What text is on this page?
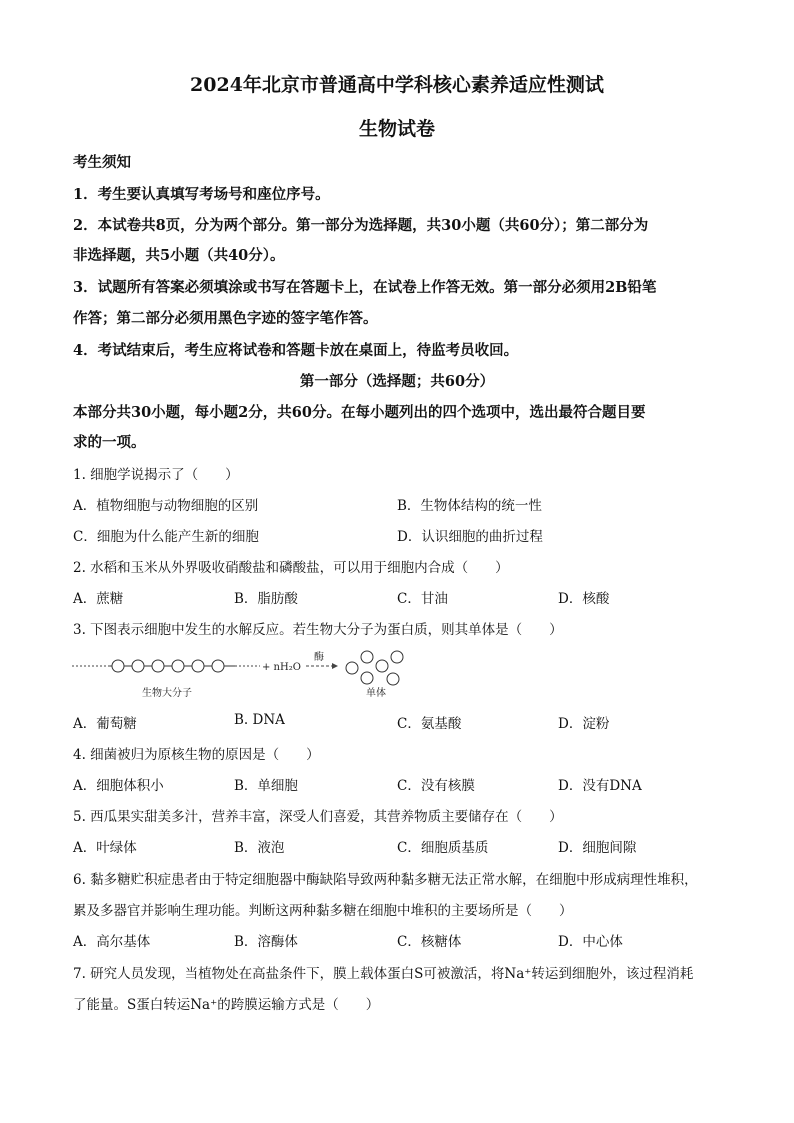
2024年北京市普通高中学科核心素养适应性测试
生物试卷
考生须知
1．考生要认真填写考场号和座位序号。
2．本试卷共8页，分为两个部分。第一部分为选择题，共30小题（共60分）；第二部分为
非选择题，共5小题（共40分）。
3．试题所有答案必须填涂或书写在答题卡上，在试卷上作答无效。第一部分必须用2B铅笔
作答；第二部分必须用黑色字迹的签字笔作答。
4．考试结束后，考生应将试卷和答题卡放在桌面上，待监考员收回。
第一部分（选择题；共60分）
本部分共30小题，每小题2分，共60分。在每小题列出的四个选项中，选出最符合题目要
求的一项。
1. 细胞学说揭示了（　　）
A．植物细胞与动物细胞的区别	B．生物体结构的统一性
C．细胞为什么能产生新的细胞	D．认识细胞的曲折过程
2. 水稻和玉米从外界吸收硝酸盐和磷酸盐，可以用于细胞内合成（　　）
A．蔗糖	B．脂肪酸	C．甘油	D．核酸
3. 下图表示细胞中发生的水解反应。若生物大分子为蛋白质，则其单体是（　　）
+ nH₂O
酶
生物大分子	单体
A．葡萄糖	B. DNA	C．氨基酸	D．淀粉
4. 细菌被归为原核生物的原因是（　　）
A．细胞体积小	B．单细胞	C．没有核膜	D．没有DNA
5. 西瓜果实甜美多汁，营养丰富，深受人们喜爱，其营养物质主要储存在（　　）
A．叶绿体	B．液泡	C．细胞质基质	D．细胞间隙
6. 黏多糖贮积症患者由于特定细胞器中酶缺陷导致两种黏多糖无法正常水解，在细胞中形成病理性堆积，
累及多器官并影响生理功能。判断这两种黏多糖在细胞中堆积的主要场所是（　　）
A．高尔基体	B．溶酶体	C．核糖体	D．中心体
7. 研究人员发现，当植物处在高盐条件下，膜上载体蛋白S可被激活，将Na⁺转运到细胞外，该过程消耗
了能量。S蛋白转运Na⁺的跨膜运输方式是（　　）
